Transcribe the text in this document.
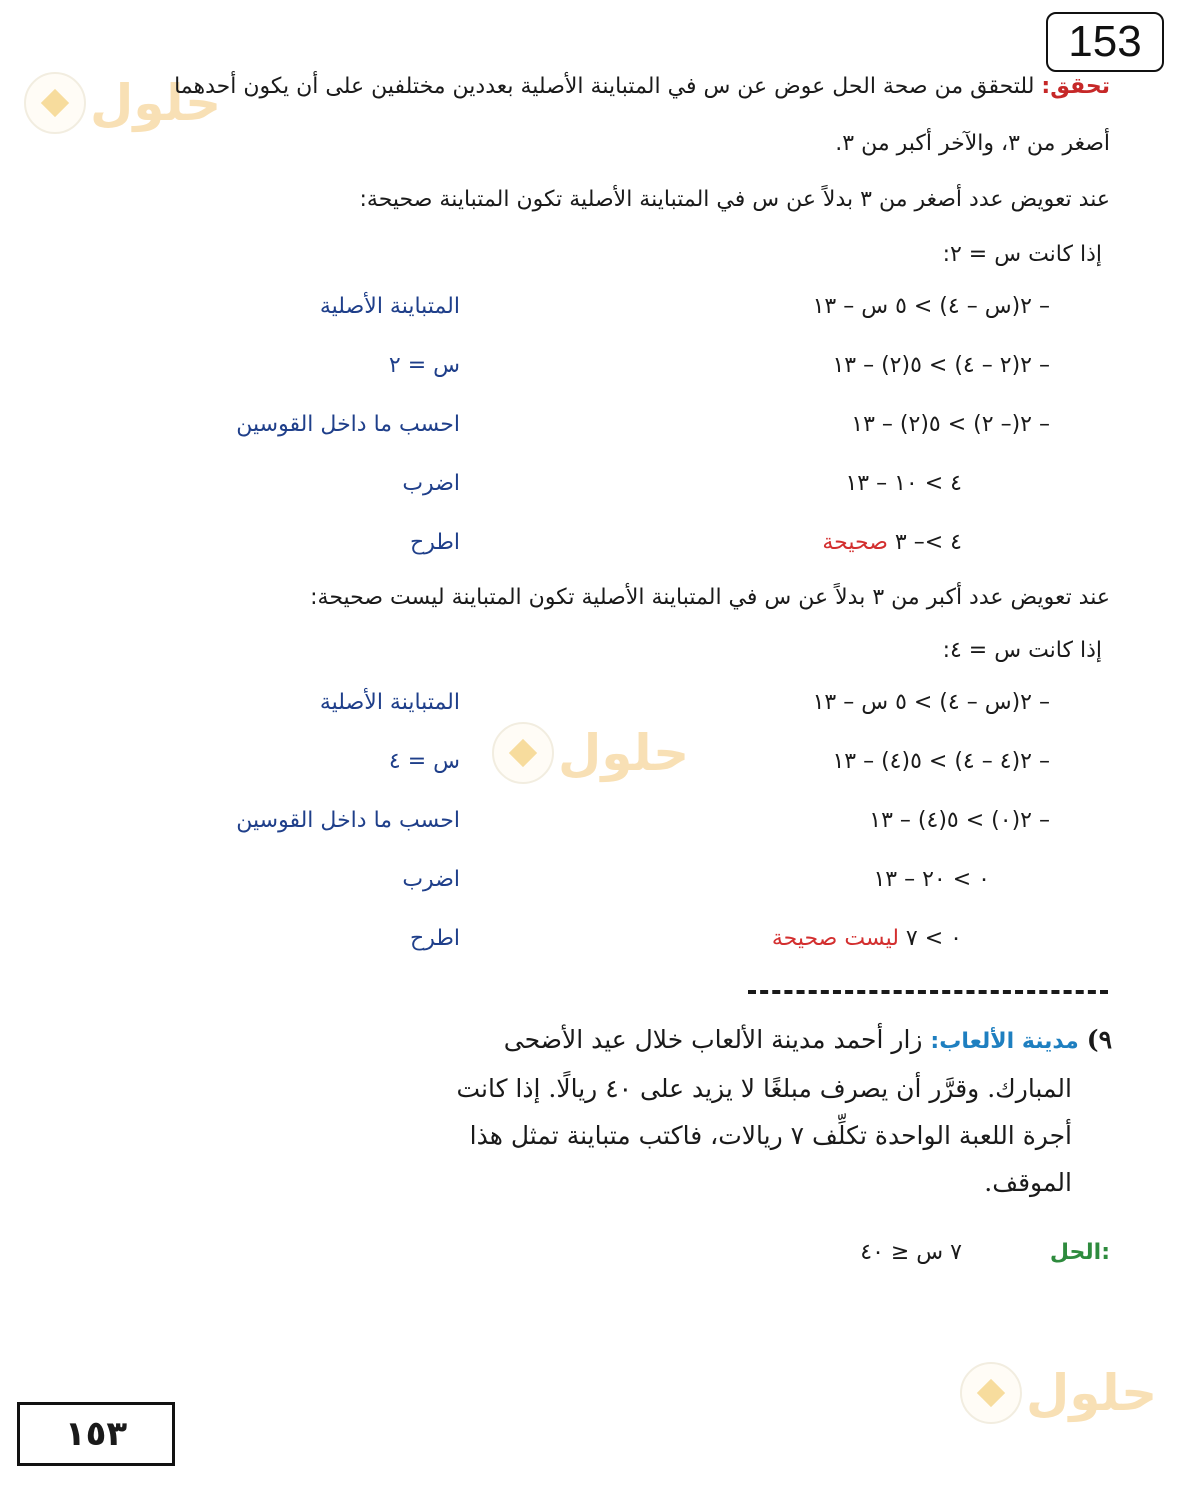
153
حلول
حلول
حلول
تحقق: للتحقق من صحة الحل عوض عن س في المتباينة الأصلية بعددين مختلفين على أن يكون أحدهما
أصغر من ٣، والآخر أكبر من ٣.
عند تعويض عدد أصغر من ٣ بدلاً عن س في المتباينة الأصلية تكون المتباينة صحيحة:
إذا كانت س = ٢:
– ٢(س – ٤) > ٥ س – ١٣
المتباينة الأصلية
– ٢(٢ – ٤) > ٥(٢) – ١٣
س = ٢
– ٢(– ٢) > ٥(٢) – ١٣
احسب ما داخل القوسين
٤ > ١٠ – ١٣
اضرب
٤ >– ٣ صحيحة
اطرح
عند تعويض عدد أكبر من ٣ بدلاً عن س في المتباينة الأصلية تكون المتباينة ليست صحيحة:
إذا كانت س = ٤:
– ٢(س – ٤) > ٥ س – ١٣
المتباينة الأصلية
– ٢(٤ – ٤) > ٥(٤) – ١٣
س = ٤
– ٢(٠) > ٥(٤) – ١٣
احسب ما داخل القوسين
٠ > ٢٠ – ١٣
اضرب
٠ > ٧ ليست صحيحة
اطرح
٩) مدينة الألعاب: زار أحمد مدينة الألعاب خلال عيد الأضحى
المبارك. وقرَّر أن يصرف مبلغًا لا يزيد على ٤٠ ريالًا. إذا كانت
أجرة اللعبة الواحدة تكلِّف ٧ ريالات، فاكتب متباينة تمثل هذا
الموقف.
الحل:
٧ س ≤ ٤٠
١٥٣
